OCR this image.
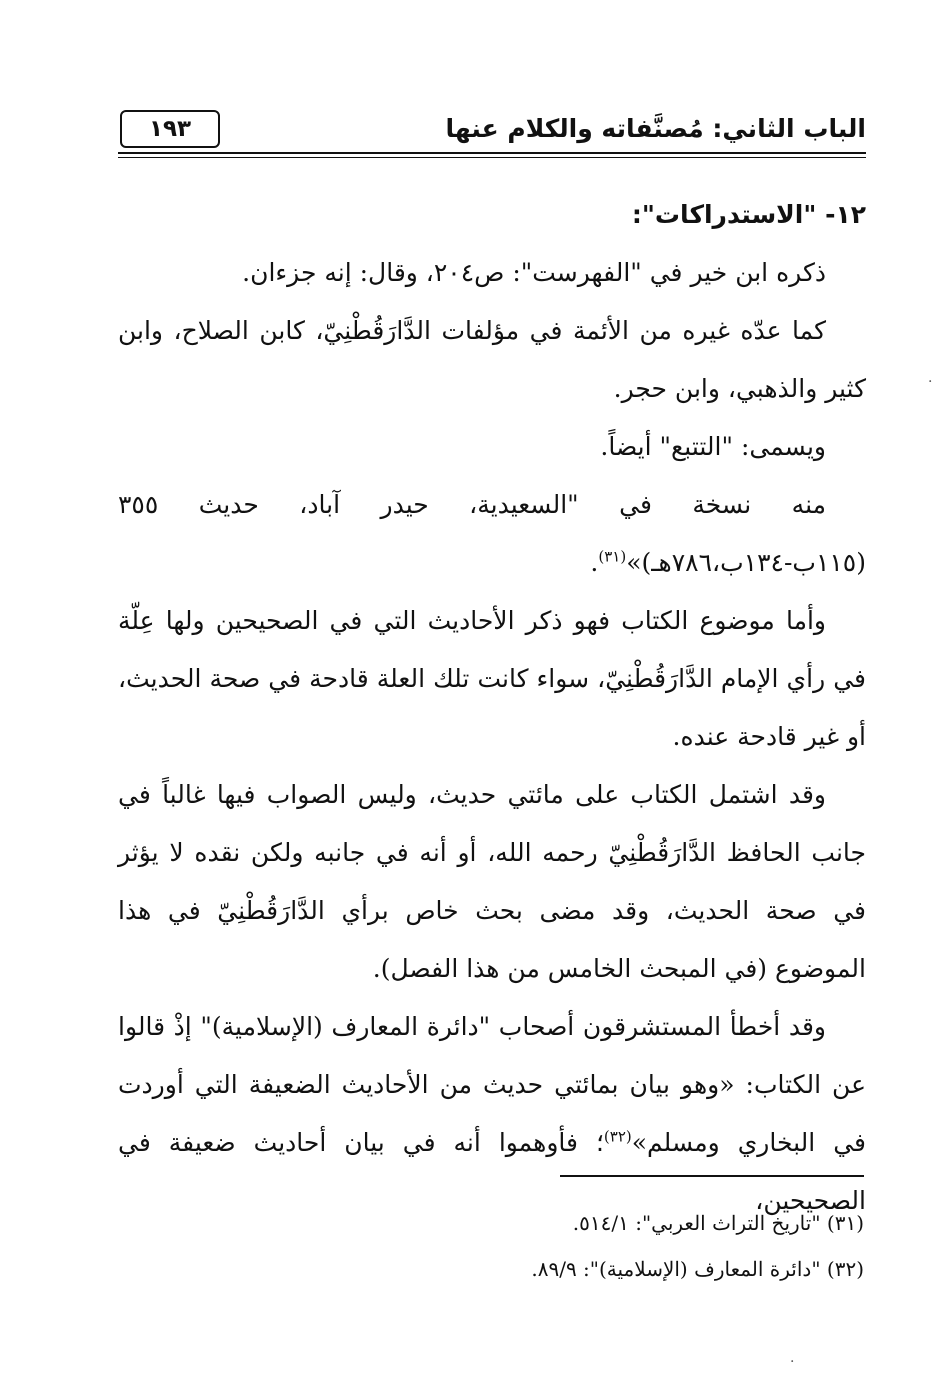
الباب الثاني: مُصنَّفاته والكلام عنها
١٩٣

١٢- "الاستدراكات":

ذكره ابن خير في "الفهرست": ص٢٠٤، وقال: إنه جزءان.

كما عدّه غيره من الأئمة في مؤلفات الدَّارَقُطْنِيّ، كابن الصلاح، وابن كثير والذهبي، وابن حجر.

ويسمى: "التتبع" أيضاً.

منه نسخة في "السعيدية، حيدر آباد، حديث ٣٥٥ (١١٥ب-١٣٤ب،٧٨٦هـ)»$^{(٣١)}$.

وأما موضوع الكتاب فهو ذكر الأحاديث التي في الصحيحين ولها عِلّة في رأي الإمام الدَّارَقُطْنِيّ، سواء كانت تلك العلة قادحة في صحة الحديث، أو غير قادحة عنده.

وقد اشتمل الكتاب على مائتي حديث، وليس الصواب فيها غالباً في جانب الحافظ الدَّارَقُطْنِيّ رحمه الله، أو أنه في جانبه ولكن نقده لا يؤثر في صحة الحديث، وقد مضى بحث خاص برأي الدَّارَقُطْنِيّ في هذا الموضوع (في المبحث الخامس من هذا الفصل).

وقد أخطأ المستشرقون أصحاب "دائرة المعارف (الإسلامية)" إذْ قالوا عن الكتاب: «وهو بيان بمائتي حديث من الأحاديث الضعيفة التي أوردت في البخاري ومسلم»$^{(٣٢)}$؛ فأوهموا أنه في بيان أحاديث ضعيفة في الصحيحين،

(٣١) "تاريخ التراث العربي": ٥١٤/١.

(٣٢) "دائرة المعارف (الإسلامية)": ٨٩/٩.

·
·
